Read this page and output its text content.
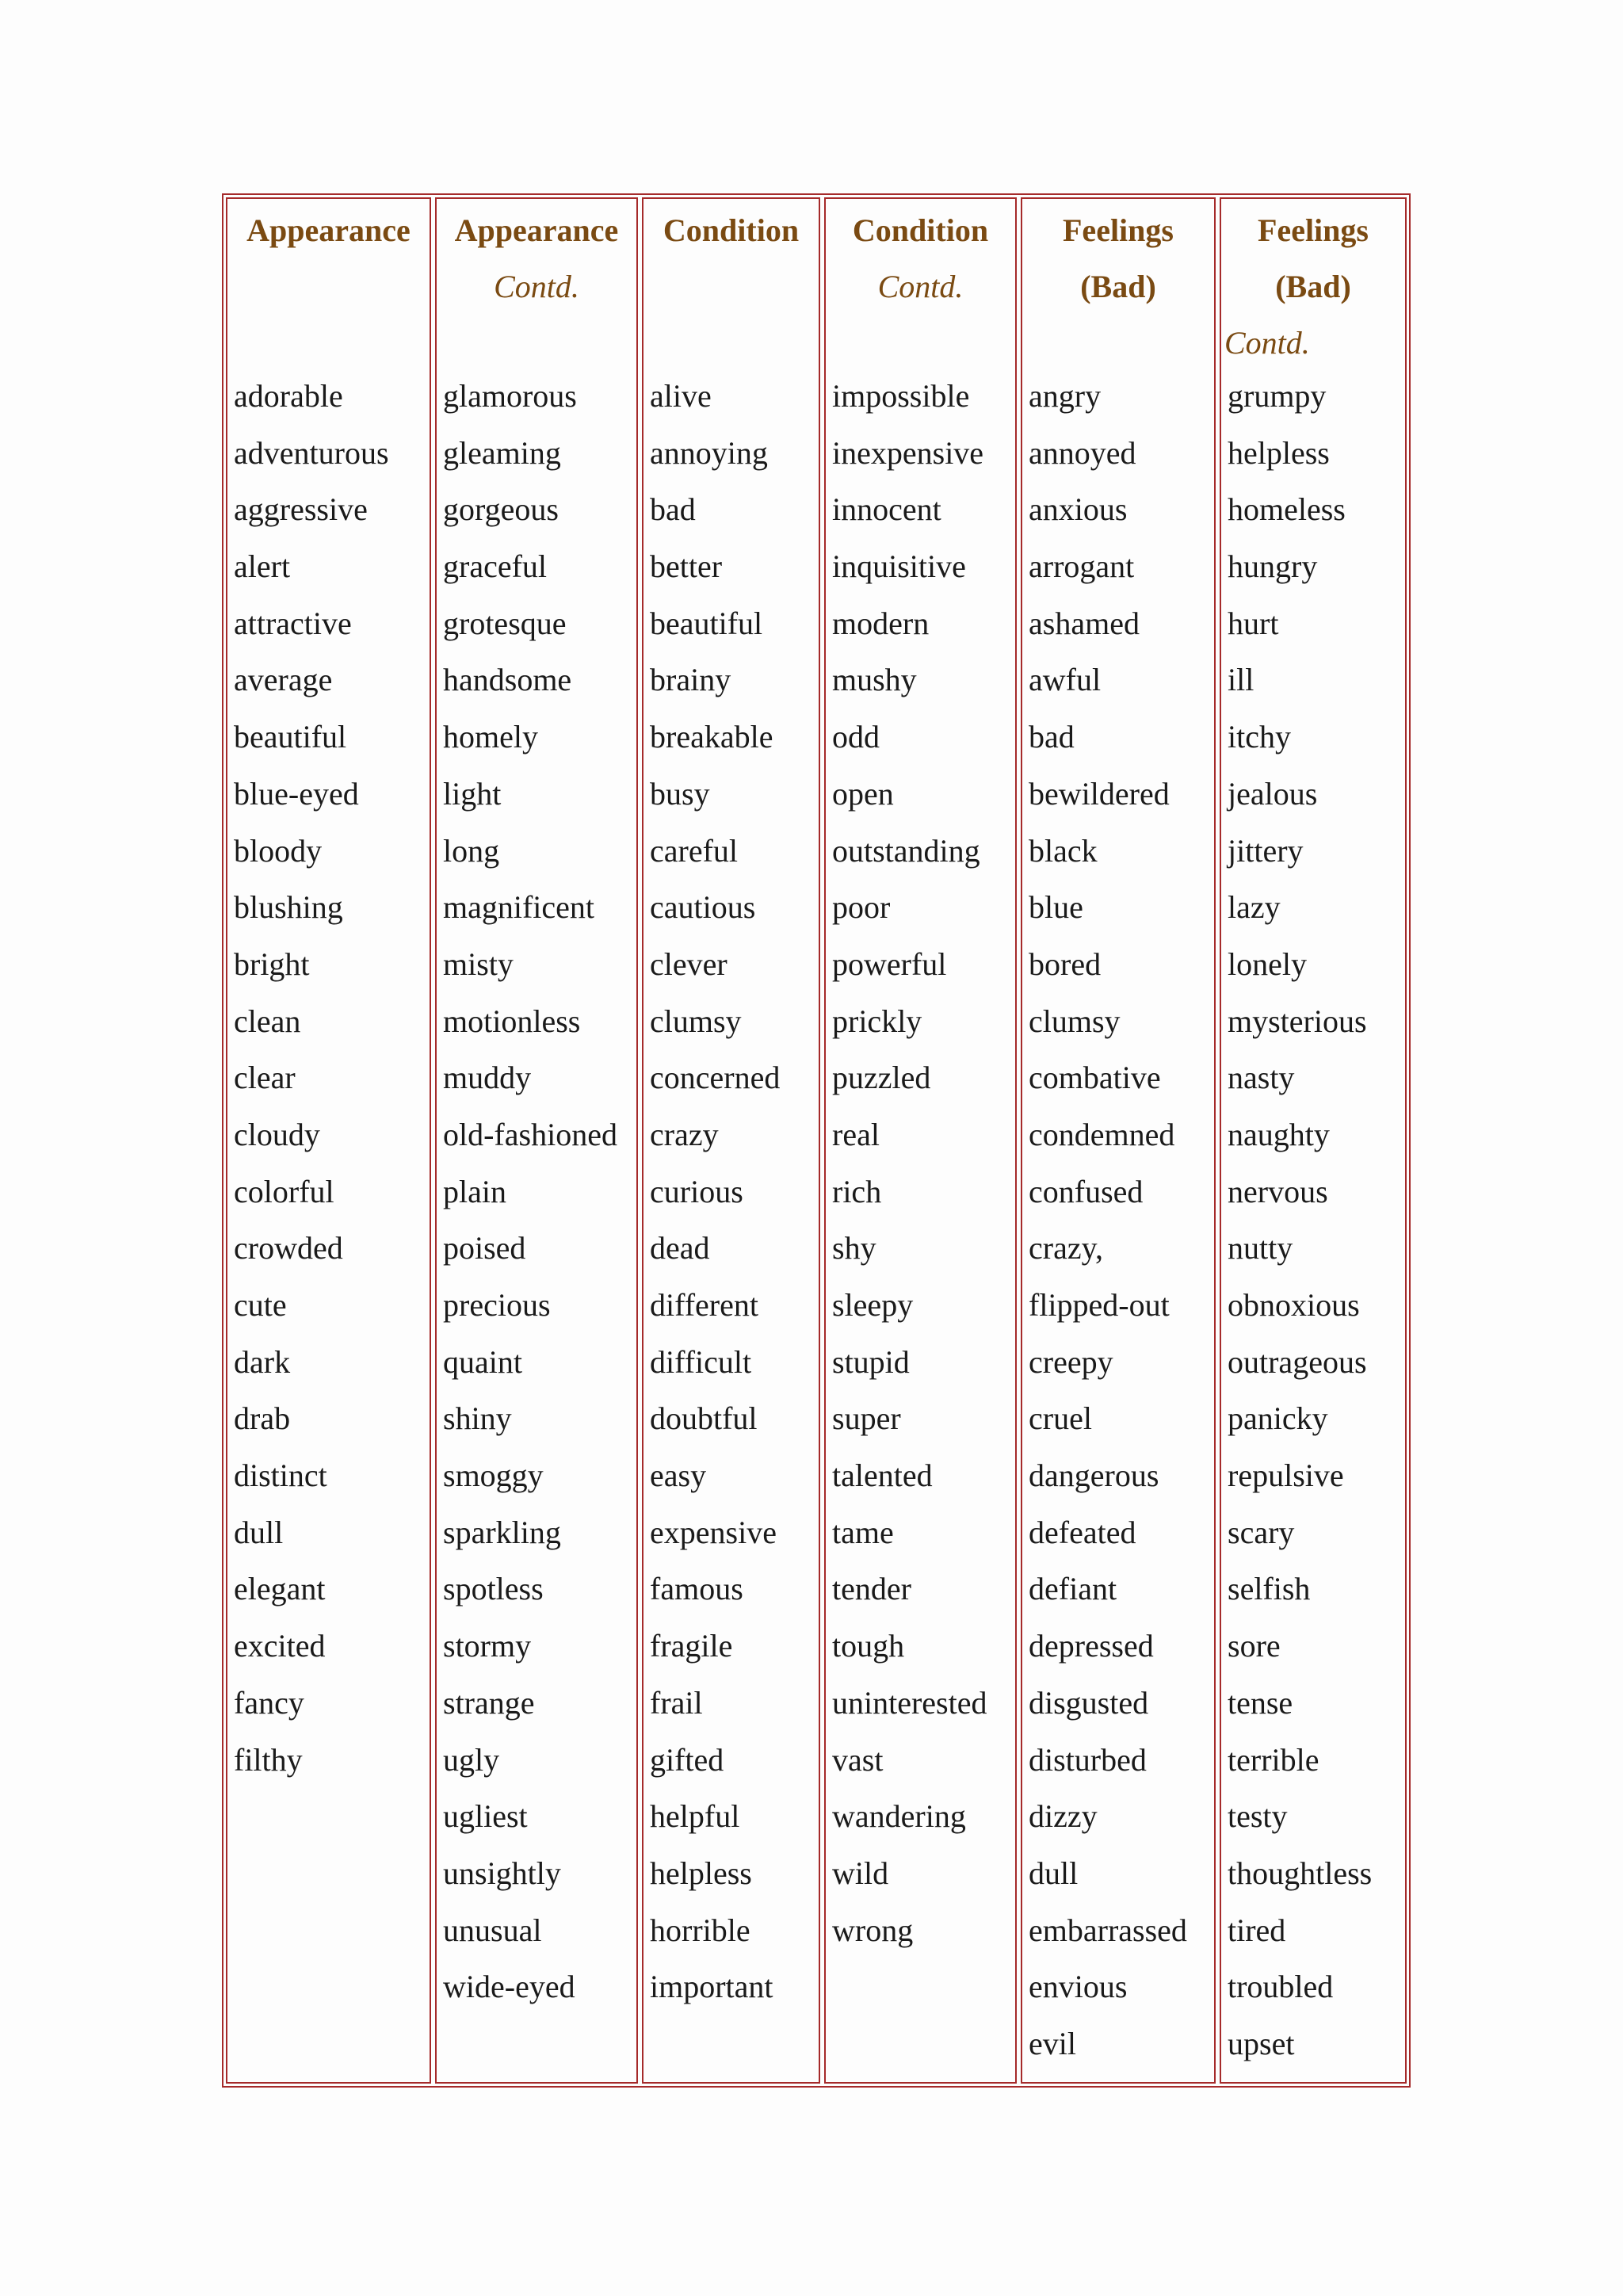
Appearance
adorable
adventurous
aggressive
alert
attractive
average
beautiful
blue-eyed
bloody
blushing
bright
clean
clear
cloudy
colorful
crowded
cute
dark
drab
distinct
dull
elegant
excited
fancy
filthy
Appearance
Contd.
glamorous
gleaming
gorgeous
graceful
grotesque
handsome
homely
light
long
magnificent
misty
motionless
muddy
old-fashioned
plain
poised
precious
quaint
shiny
smoggy
sparkling
spotless
stormy
strange
ugly
ugliest
unsightly
unusual
wide-eyed
Condition
alive
annoying
bad
better
beautiful
brainy
breakable
busy
careful
cautious
clever
clumsy
concerned
crazy
curious
dead
different
difficult
doubtful
easy
expensive
famous
fragile
frail
gifted
helpful
helpless
horrible
important
Condition
Contd.
impossible
inexpensive
innocent
inquisitive
modern
mushy
odd
open
outstanding
poor
powerful
prickly
puzzled
real
rich
shy
sleepy
stupid
super
talented
tame
tender
tough
uninterested
vast
wandering
wild
wrong
Feelings
(Bad)
angry
annoyed
anxious
arrogant
ashamed
awful
bad
bewildered
black
blue
bored
clumsy
combative
condemned
confused
crazy,
flipped-out
creepy
cruel
dangerous
defeated
defiant
depressed
disgusted
disturbed
dizzy
dull
embarrassed
envious
evil
Feelings
(Bad)
Contd.
grumpy
helpless
homeless
hungry
hurt
ill
itchy
jealous
jittery
lazy
lonely
mysterious
nasty
naughty
nervous
nutty
obnoxious
outrageous
panicky
repulsive
scary
selfish
sore
tense
terrible
testy
thoughtless
tired
troubled
upset
